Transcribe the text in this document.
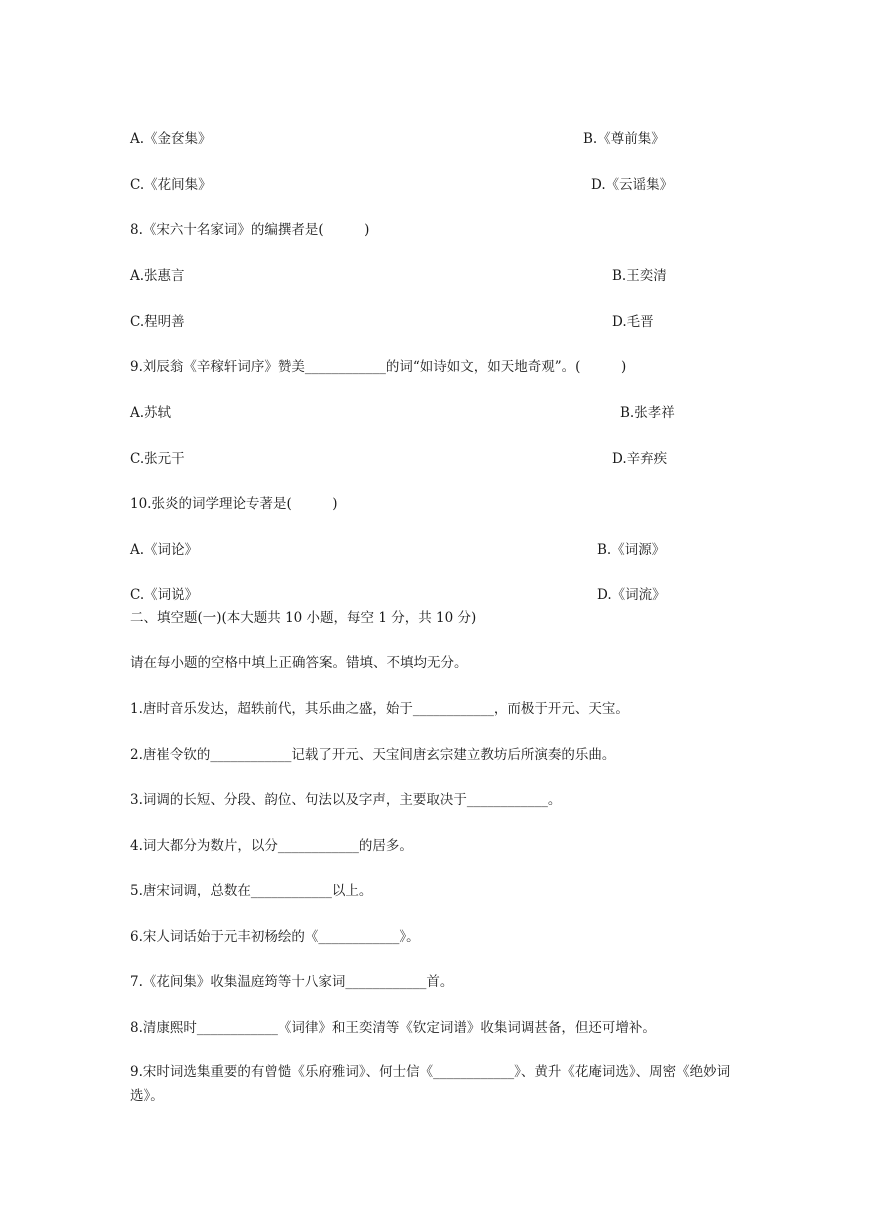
A.《金奁集》	B.《尊前集》
C.《花间集》	D.《云谣集》
8.《宋六十名家词》的编撰者是(　　　)
A.张惠言	B.王奕清
C.程明善	D.毛晋
9.刘辰翁《辛稼轩词序》赞美____________的词“如诗如文，如天地奇观”。(　　　)
A.苏轼	B.张孝祥
C.张元干	D.辛弃疾
10.张炎的词学理论专著是(　　　)
A.《词论》	B.《词源》
C.《词说》	D.《词流》
二、填空题(一)(本大题共 10 小题，每空 1 分，共 10 分)
请在每小题的空格中填上正确答案。错填、不填均无分。
1.唐时音乐发达，超轶前代，其乐曲之盛，始于____________，而极于开元、天宝。
2.唐崔令钦的____________记载了开元、天宝间唐玄宗建立教坊后所演奏的乐曲。
3.词调的长短、分段、韵位、句法以及字声，主要取决于____________。
4.词大都分为数片，以分____________的居多。
5.唐宋词调，总数在____________以上。
6.宋人词话始于元丰初杨绘的《____________》。
7.《花间集》收集温庭筠等十八家词____________首。
8.清康熙时____________《词律》和王奕清等《钦定词谱》收集词调甚备，但还可增补。
9.宋时词选集重要的有曾慥《乐府雅词》、何士信《____________》、黄升《花庵词选》、周密《绝妙词选》。
